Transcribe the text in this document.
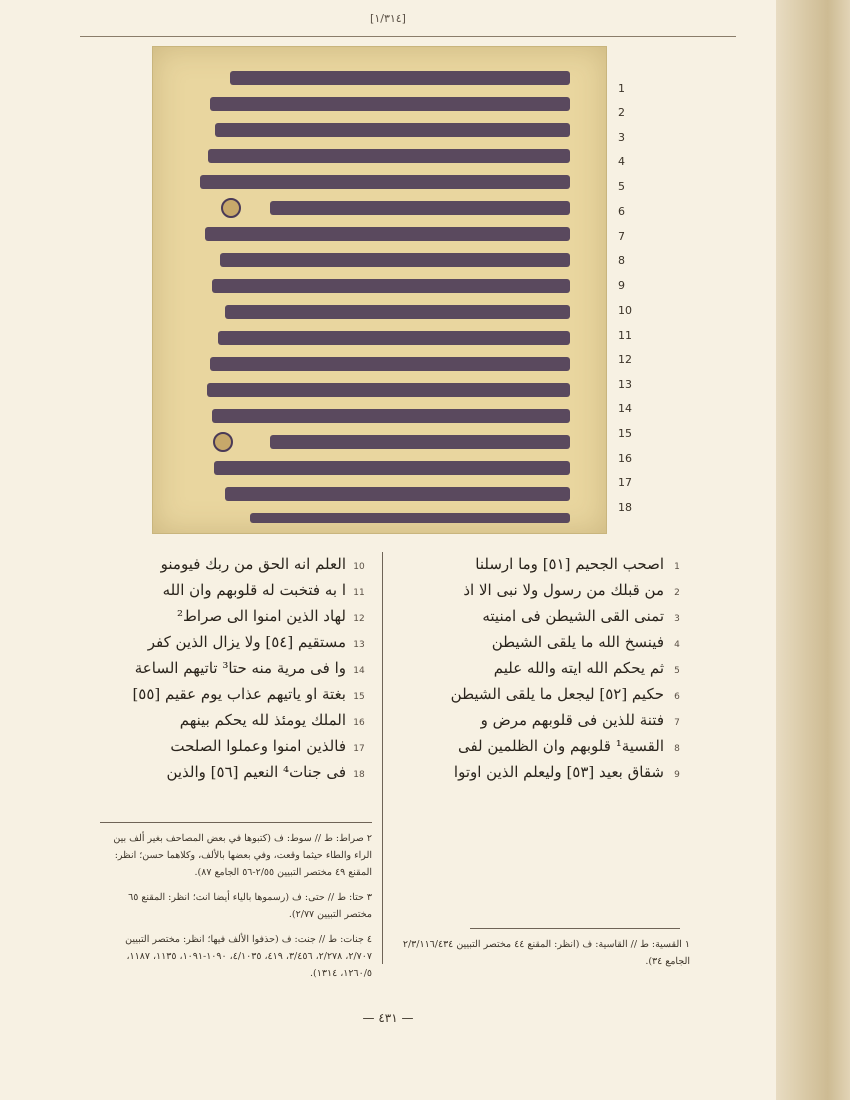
[١/٣١٤]
1
2
3
4
5
6
7
8
9
10
11
12
13
14
15
16
17
18
1
اصحب الجحيم [٥١] وما ارسلنا
2
من قبلك من رسول ولا نبى الا اذ
3
تمنى القى الشيطن فى امنيته
4
فينسخ الله ما يلقى الشيطن
5
ثم يحكم الله ايته والله عليم
6
حكيم [٥٢] ليجعل ما يلقى الشيطن
7
فتنة للذين فى قلوبهم مرض و
8
القسية¹ قلوبهم وان الظلمين لفى
9
شقاق بعيد [٥٣] وليعلم الذين اوتوا
10
العلم انه الحق من ربك فيومنو
11
ا به فتخبت له قلوبهم وان الله
12
لهاد الذين امنوا الى صراط²
13
مستقيم [٥٤] ولا يزال الذين كفر
14
وا فى مرية منه حتا³ تاتيهم الساعة
15
بغتة او ياتيهم عذاب يوم عقيم [٥٥]
16
الملك يومئذ لله يحكم بينهم
17
فالذين امنوا وعملوا الصلحت
18
فى جنات⁴ النعيم [٥٦] والذين
١ القسية: ط // القاسية: ف (انظر: المقنع ٤٤ مختصر التبيين ٢/٣/١١٦/٤٣٤ الجامع ٣٤).
٢ صراط: ط // سوط: ف (كتبوها في بعض المصاحف بغير ألف بين الراء والطاء حيثما وقعت، وفي بعضها بالألف، وكلاهما حسن؛ انظر: المقنع ٤٩ مختصر التبيين ٢/٥٥-٥٦ الجامع ٨٧).
٣ حتا: ط // حتى: ف (رسموها بالياء أيضا انت؛ انظر: المقنع ٦٥ مختصر التبيين ٢/٧٧).
٤ جنات: ط // جنت: ف (حذفوا الألف فيها؛ انظر: مختصر التبيين ٢/٧٠٧، ٢/٢٧٨، ٣/٤٥٦، ٤١٩، ٤/١٠٣٥، ١٠٩٠-١٠٩١، ١١٣٥، ١١٨٧، ١٢٦٠/٥، ١٣١٤).
— ٤٣١ —
